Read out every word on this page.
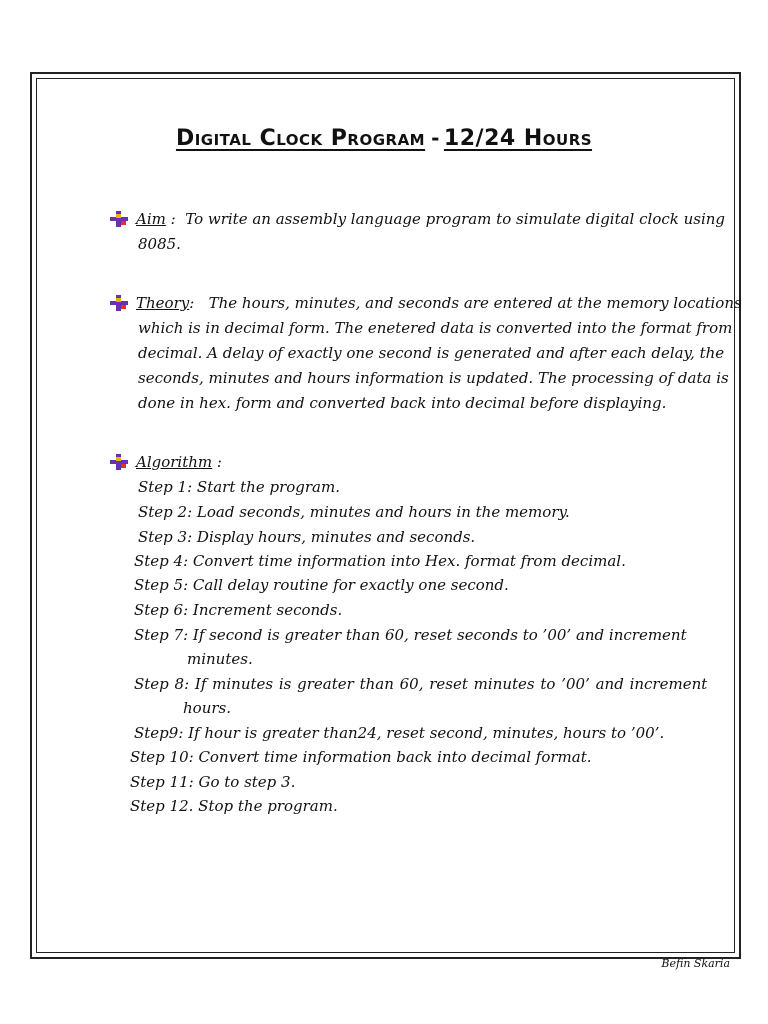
Digital Clock Program - 12/24 Hours
Aim : To write an assembly language program to simulate digital clock using
8085.
Theory: The hours, minutes, and seconds are entered at the memory locations
which is in decimal form. The enetered data is converted into the format from
decimal. A delay of exactly one second is generated and after each delay, the
seconds, minutes and hours information is updated. The processing of data is
done in hex. form and converted back into decimal before displaying.
Algorithm :
Step 1: Start the program.
Step 2: Load seconds, minutes and hours in the memory.
Step 3: Display hours, minutes and seconds.
Step 4: Convert time information into Hex. format from decimal.
Step 5: Call delay routine for exactly one second.
Step 6: Increment seconds.
Step 7: If second is greater than 60, reset seconds to ’00’ and increment
minutes.
Step 8: If minutes is greater than 60, reset minutes to ’00’ and increment
hours.
Step9: If hour is greater than24, reset second, minutes, hours to ’00’.
Step 10: Convert time information back into decimal format.
Step 11: Go to step 3.
Step 12. Stop the program.
Befin Skaria
